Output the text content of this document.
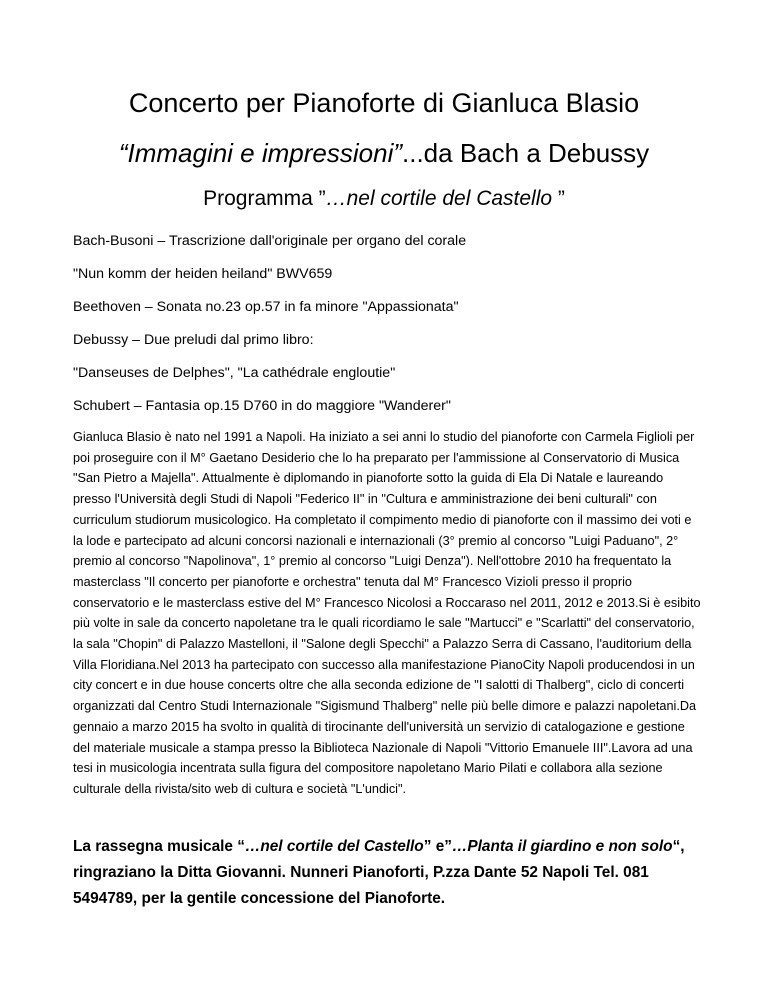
Concerto per Pianoforte di Gianluca Blasio
“Immagini e impressioni”...da Bach a Debussy
Programma ”…nel cortile del Castello ”
Bach-Busoni – Trascrizione dall'originale per organo del corale
"Nun komm der heiden heiland" BWV659
Beethoven – Sonata no.23 op.57 in fa minore "Appassionata"
Debussy – Due preludi dal primo libro:
"Danseuses de Delphes", "La cathédrale engloutie"
Schubert – Fantasia op.15 D760 in do maggiore "Wanderer"
Gianluca Blasio è nato nel 1991 a Napoli. Ha iniziato a sei anni lo studio del pianoforte con Carmela Figlioli per poi proseguire con il M° Gaetano Desiderio che lo ha preparato per l'ammissione al Conservatorio di Musica "San Pietro a Majella". Attualmente è diplomando in pianoforte sotto la guida di Ela Di Natale e laureando presso l'Università degli Studi di Napoli "Federico II" in "Cultura e amministrazione dei beni culturali" con curriculum studiorum musicologico. Ha completato il compimento medio di pianoforte con il massimo dei voti e la lode e partecipato ad alcuni concorsi nazionali e internazionali (3° premio al concorso "Luigi Paduano", 2° premio al concorso "Napolinova", 1° premio al concorso "Luigi Denza"). Nell'ottobre 2010 ha frequentato la masterclass "Il concerto per pianoforte e orchestra" tenuta dal M° Francesco Vizioli presso il proprio conservatorio e le masterclass estive del M° Francesco Nicolosi a Roccaraso nel 2011, 2012 e 2013.Si è esibito più volte in sale da concerto napoletane tra le quali ricordiamo le sale "Martucci" e "Scarlatti" del conservatorio, la sala "Chopin" di Palazzo Mastelloni, il "Salone degli Specchi" a Palazzo Serra di Cassano, l'auditorium della Villa Floridiana.Nel 2013 ha partecipato con successo alla manifestazione PianoCity Napoli producendosi in un city concert e in due house concerts oltre che alla seconda edizione de "I salotti di Thalberg", ciclo di concerti organizzati dal Centro Studi Internazionale "Sigismund Thalberg" nelle più belle dimore e palazzi napoletani.Da gennaio a marzo 2015 ha svolto in qualità di tirocinante dell'università un servizio di catalogazione e gestione del materiale musicale a stampa presso la Biblioteca Nazionale di Napoli "Vittorio Emanuele III".Lavora ad una tesi in musicologia incentrata sulla figura del compositore napoletano Mario Pilati e collabora alla sezione culturale della rivista/sito web di cultura e società "L'undici".
La rassegna musicale “…nel cortile del Castello” e”…Planta il giardino e non solo“, ringraziano la Ditta Giovanni. Nunneri Pianoforti, P.zza Dante 52 Napoli Tel. 081 5494789, per la gentile concessione del Pianoforte.
